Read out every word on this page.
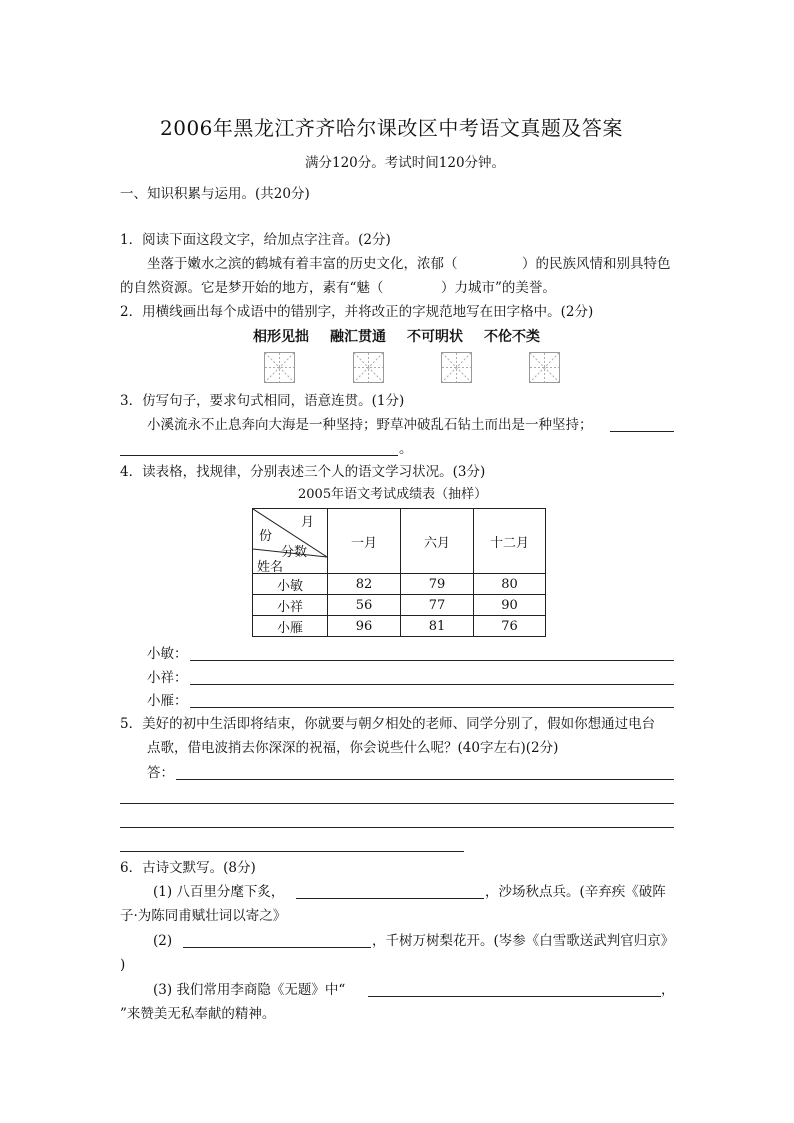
2006年黑龙江齐齐哈尔课改区中考语文真题及答案
满分120分。考试时间120分钟。
一、知识积累与运用。(共20分)
1．阅读下面这段文字，给加点字注音。(2分)
坐落于嫩水之滨的鹤城有着丰富的历史文化，浓郁（	）的民族风情和别具特色
的自然资源。它是梦开始的地方，素有“魅（	）力城市”的美誉。
2．用横线画出每个成语中的错别字，并将改正的字规范地写在田字格中。(2分)
相形见拙 融汇贯通 不可明状 不伦不类
3．仿写句子，要求句式相同，语意连贯。(1分)
小溪流永不止息奔向大海是一种坚持；野草冲破乱石钻土而出是一种坚持；
。
4．读表格，找规律，分别表述三个人的语文学习状况。(3分)
2005年语文考试成绩表（抽样）
月
份
分数
姓名	一月	六月	十二月
小敏	82	79	80
小祥	56	77	90
小雁	96	81	76
小敏：
小祥：
小雁：
5．美好的初中生活即将结束，你就要与朝夕相处的老师、同学分别了，假如你想通过电台
点歌，借电波捎去你深深的祝福，你会说些什么呢？(40字左右)(2分)
答：
6．古诗文默写。(8分)
(1) 八百里分麾下炙，	，沙场秋点兵。(辛弃疾《破阵
子·为陈同甫赋壮词以寄之》
(2)	，千树万树梨花开。(岑参《白雪歌送武判官归京》
)
(3) 我们常用李商隐《无题》中“	，
”来赞美无私奉献的精神。
